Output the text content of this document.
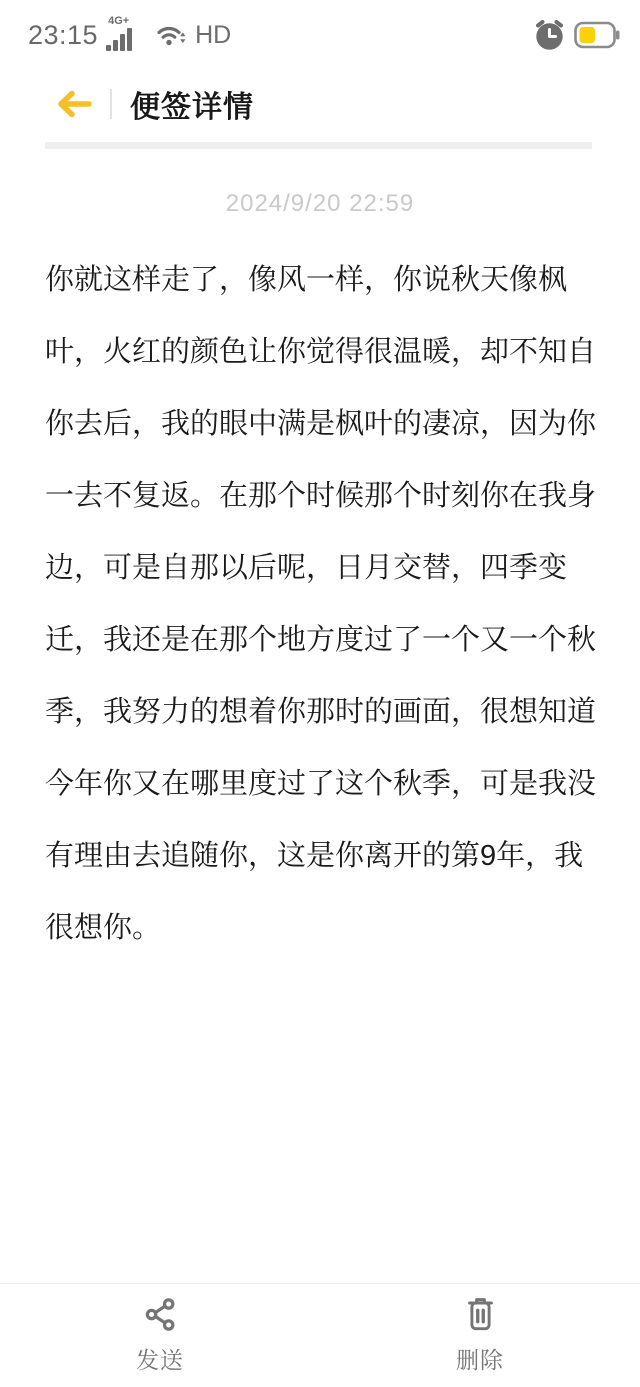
23:15 4G+	HD
便签详情
2024/9/20 22:59
你就这样走了，像风一样，你说秋天像枫
叶，火红的颜色让你觉得很温暖，却不知自
你去后，我的眼中满是枫叶的凄凉，因为你
一去不复返。在那个时候那个时刻你在我身
边，可是自那以后呢，日月交替，四季变
迁，我还是在那个地方度过了一个又一个秋
季，我努力的想着你那时的画面，很想知道
今年你又在哪里度过了这个秋季，可是我没
有理由去追随你，这是你离开的第9年，我
很想你。
发送	删除
